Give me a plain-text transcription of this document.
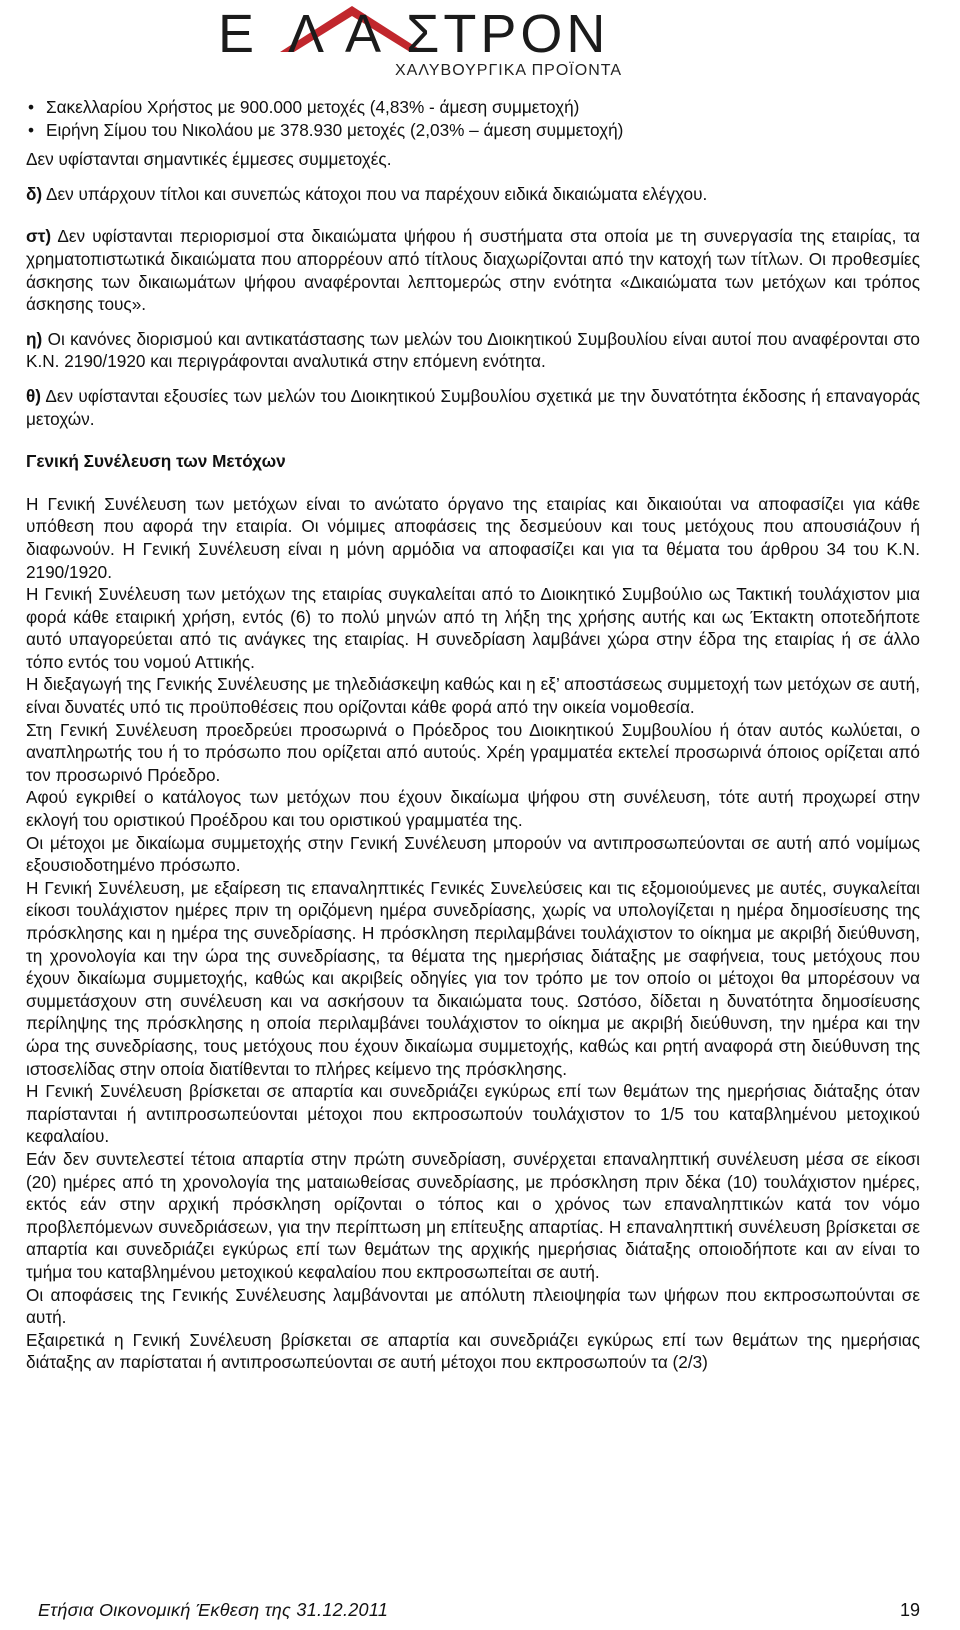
Ε Λ Α ΣΤΡΟΝ
ΧΑΛΥΒΟΥΡΓΙΚΑ ΠΡΟΪΟΝΤΑ
• Σακελλαρίου Χρήστος με 900.000 μετοχές (4,83% - άμεση συμμετοχή)
• Ειρήνη Σίμου του Νικολάου με 378.930 μετοχές (2,03% – άμεση συμμετοχή)

Δεν υφίστανται σημαντικές έμμεσες συμμετοχές.

δ) Δεν υπάρχουν τίτλοι και συνεπώς κάτοχοι που να παρέχουν ειδικά δικαιώματα ελέγχου.

στ) Δεν υφίστανται περιορισμοί στα δικαιώματα ψήφου ή συστήματα στα οποία με τη συνεργασία της εταιρίας, τα χρηματοπιστωτικά δικαιώματα που απορρέουν από τίτλους διαχωρίζονται από την κατοχή των τίτλων. Οι προθεσμίες άσκησης των δικαιωμάτων ψήφου αναφέρονται λεπτομερώς στην ενότητα «Δικαιώματα των μετόχων και τρόπος άσκησης τους».

η) Οι κανόνες διορισμού και αντικατάστασης των μελών του Διοικητικού Συμβουλίου είναι αυτοί που αναφέρονται στο Κ.Ν. 2190/1920 και περιγράφονται αναλυτικά στην επόμενη ενότητα.

θ) Δεν υφίστανται εξουσίες των μελών του Διοικητικού Συμβουλίου σχετικά με την δυνατότητα έκδοσης ή επαναγοράς μετοχών.

Γενική Συνέλευση των Μετόχων

Η Γενική Συνέλευση των μετόχων είναι το ανώτατο όργανο της εταιρίας και δικαιούται να αποφασίζει για κάθε υπόθεση που αφορά την εταιρία. Οι νόμιμες αποφάσεις της δεσμεύουν και τους μετόχους που απουσιάζουν ή διαφωνούν. Η Γενική Συνέλευση είναι η μόνη αρμόδια να αποφασίζει και για τα θέματα του άρθρου 34 του Κ.Ν. 2190/1920.

Η Γενική Συνέλευση των μετόχων της εταιρίας συγκαλείται από το Διοικητικό Συμβούλιο ως Τακτική τουλάχιστον μια φορά κάθε εταιρική χρήση, εντός (6) το πολύ μηνών από τη λήξη της χρήσης αυτής και ως Έκτακτη οποτεδήποτε αυτό υπαγορεύεται από τις ανάγκες της εταιρίας. Η συνεδρίαση λαμβάνει χώρα στην έδρα της εταιρίας ή σε άλλο τόπο εντός του νομού Αττικής.

Η διεξαγωγή της Γενικής Συνέλευσης με τηλεδιάσκεψη καθώς και η εξ’ αποστάσεως συμμετοχή των μετόχων σε αυτή, είναι δυνατές υπό τις προϋποθέσεις που ορίζονται κάθε φορά από την οικεία νομοθεσία.

Στη Γενική Συνέλευση προεδρεύει προσωρινά ο Πρόεδρος του Διοικητικού Συμβουλίου ή όταν αυτός κωλύεται, ο αναπληρωτής του ή το πρόσωπο που ορίζεται από αυτούς. Χρέη γραμματέα εκτελεί προσωρινά όποιος ορίζεται από τον προσωρινό Πρόεδρο.

Αφού εγκριθεί ο κατάλογος των μετόχων που έχουν δικαίωμα ψήφου στη συνέλευση, τότε αυτή προχωρεί στην εκλογή του οριστικού Προέδρου και του οριστικού γραμματέα της.

Οι μέτοχοι με δικαίωμα συμμετοχής στην Γενική Συνέλευση μπορούν να αντιπροσωπεύονται σε αυτή από νομίμως εξουσιοδοτημένο πρόσωπο.

Η Γενική Συνέλευση, με εξαίρεση τις επαναληπτικές Γενικές Συνελεύσεις και τις εξομοιούμενες με αυτές, συγκαλείται είκοσι τουλάχιστον ημέρες πριν τη οριζόμενη ημέρα συνεδρίασης, χωρίς να υπολογίζεται η ημέρα δημοσίευσης της πρόσκλησης και η ημέρα της συνεδρίασης. Η πρόσκληση περιλαμβάνει τουλάχιστον το οίκημα με ακριβή διεύθυνση, τη χρονολογία και την ώρα της συνεδρίασης, τα θέματα της ημερήσιας διάταξης με σαφήνεια, τους μετόχους που έχουν δικαίωμα συμμετοχής, καθώς και ακριβείς οδηγίες για τον τρόπο με τον οποίο οι μέτοχοι θα μπορέσουν να συμμετάσχουν στη συνέλευση και να ασκήσουν τα δικαιώματα τους. Ωστόσο, δίδεται η δυνατότητα δημοσίευσης περίληψης της πρόσκλησης η οποία περιλαμβάνει τουλάχιστον το οίκημα με ακριβή διεύθυνση, την ημέρα και την ώρα της συνεδρίασης, τους μετόχους που έχουν δικαίωμα συμμετοχής, καθώς και ρητή αναφορά στη διεύθυνση της ιστοσελίδας στην οποία διατίθενται το πλήρες κείμενο της πρόσκλησης.

Η Γενική Συνέλευση βρίσκεται σε απαρτία και συνεδριάζει εγκύρως επί των θεμάτων της ημερήσιας διάταξης όταν παρίστανται ή αντιπροσωπεύονται μέτοχοι που εκπροσωπούν τουλάχιστον το 1/5 του καταβλημένου μετοχικού κεφαλαίου.

Εάν δεν συντελεστεί τέτοια απαρτία στην πρώτη συνεδρίαση, συνέρχεται επαναληπτική συνέλευση μέσα σε είκοσι (20) ημέρες από τη χρονολογία της ματαιωθείσας συνεδρίασης, με πρόσκληση πριν δέκα (10) τουλάχιστον ημέρες, εκτός εάν στην αρχική πρόσκληση ορίζονται ο τόπος και ο χρόνος των επαναληπτικών κατά τον νόμο προβλεπόμενων συνεδριάσεων, για την περίπτωση μη επίτευξης απαρτίας. Η επαναληπτική συνέλευση βρίσκεται σε απαρτία και συνεδριάζει εγκύρως επί των θεμάτων της αρχικής ημερήσιας διάταξης οποιοδήποτε και αν είναι το τμήμα του καταβλημένου μετοχικού κεφαλαίου που εκπροσωπείται σε αυτή.

Οι αποφάσεις της Γενικής Συνέλευσης λαμβάνονται με απόλυτη πλειοψηφία των ψήφων που εκπροσωπούνται σε αυτή.

Εξαιρετικά η Γενική Συνέλευση βρίσκεται σε απαρτία και συνεδριάζει εγκύρως επί των θεμάτων της ημερήσιας διάταξης αν παρίσταται ή αντιπροσωπεύονται σε αυτή μέτοχοι που εκπροσωπούν τα (2/3)

Ετήσια Οικονομική Έκθεση της 31.12.2011	19
